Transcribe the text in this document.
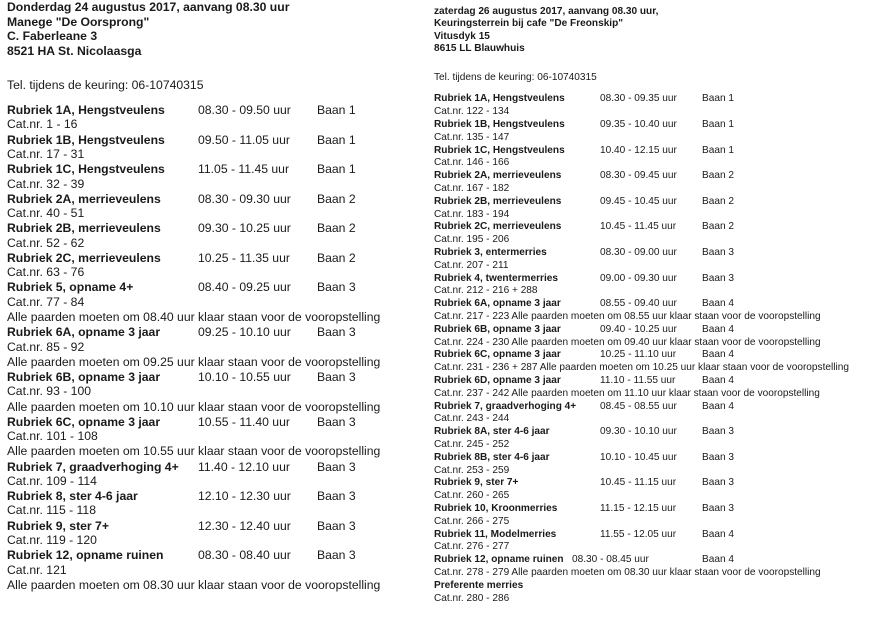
Donderdag 24 augustus 2017, aanvang 08.30 uur
Manege "De Oorsprong"
C. Faberleane 3
8521 HA St. Nicolaasga
Tel. tijdens de keuring: 06-10740315
Rubriek 1A, Hengstveulens	08.30 - 09.50 uur Baan 1
Cat.nr. 1 - 16
Rubriek 1B, Hengstveulens	09.50 - 11.05 uur Baan 1
Cat.nr. 17 - 31
Rubriek 1C, Hengstveulens	11.05 - 11.45 uur Baan 1
Cat.nr. 32 - 39
Rubriek 2A, merrieveulens	08.30 - 09.30 uur Baan 2
Cat.nr. 40 - 51
Rubriek 2B, merrieveulens	09.30 - 10.25 uur Baan 2
Cat.nr. 52 - 62
Rubriek 2C, merrieveulens	10.25 - 11.35 uur Baan 2
Cat.nr. 63 - 76
Rubriek 5, opname 4+	08.40 - 09.25 uur Baan 3
Cat.nr. 77 - 84
Alle paarden moeten om 08.40 uur klaar staan voor de vooropstelling
Rubriek 6A, opname 3 jaar	09.25 - 10.10 uur Baan 3
Cat.nr. 85 - 92
Alle paarden moeten om 09.25 uur klaar staan voor de vooropstelling
Rubriek 6B, opname 3 jaar	10.10 - 10.55 uur Baan 3
Cat.nr. 93 - 100
Alle paarden moeten om 10.10 uur klaar staan voor de vooropstelling
Rubriek 6C, opname 3 jaar	10.55 - 11.40 uur Baan 3
Cat.nr. 101 - 108
Alle paarden moeten om 10.55 uur klaar staan voor de vooropstelling
Rubriek 7, graadverhoging 4+ 11.40 - 12.10 uur Baan 3
Cat.nr. 109 - 114
Rubriek 8, ster 4-6 jaar	12.10 - 12.30 uur Baan 3
Cat.nr. 115 - 118
Rubriek 9, ster 7+	12.30 - 12.40 uur Baan 3
Cat.nr. 119 - 120
Rubriek 12, opname ruinen	08.30 - 08.40 uur Baan 3
Cat.nr. 121
Alle paarden moeten om 08.30 uur klaar staan voor de vooropstelling
zaterdag 26 augustus 2017, aanvang 08.30 uur,
Keuringsterrein bij cafe "De Freonskip"
Vitusdyk 15
8615 LL Blauwhuis
Tel. tijdens de keuring: 06-10740315
Rubriek 1A, Hengstveulens	08.30 - 09.35 uur Baan 1
Cat.nr. 122 - 134
Rubriek 1B, Hengstveulens	09.35 - 10.40 uur Baan 1
Cat.nr. 135 - 147
Rubriek 1C, Hengstveulens	10.40 - 12.15 uur Baan 1
Cat.nr. 146 - 166
Rubriek 2A, merrieveulens	08.30 - 09.45 uur Baan 2
Cat.nr. 167 - 182
Rubriek 2B, merrieveulens	09.45 - 10.45 uur Baan 2
Cat.nr. 183 - 194
Rubriek 2C, merrieveulens	10.45 - 11.45 uur	Baan 2
Cat.nr. 195 - 206
Rubriek 3, entermerries	08.30 - 09.00 uur Baan 3
Cat.nr. 207 - 211
Rubriek 4, twentermerries	09.00 - 09.30 uur Baan 3
Cat.nr. 212 - 216 + 288
Rubriek 6A, opname 3 jaar	08.55 - 09.40 uur Baan 4
Cat.nr. 217 - 223 Alle paarden moeten om 08.55 uur klaar staan voor de vooropstelling
Rubriek 6B, opname 3 jaar	09.40 - 10.25 uur Baan 4
Cat.nr. 224 - 230 Alle paarden moeten om 09.40 uur klaar staan voor de vooropstelling
Rubriek 6C, opname 3 jaar	10.25 - 11.10 uur	Baan 4
Cat.nr. 231 - 236 + 287 Alle paarden moeten om 10.25 uur klaar staan voor de vooropstelling
Rubriek 6D, opname 3 jaar	11.10 - 11.55 uur	Baan 4
Cat.nr. 237 - 242 Alle paarden moeten om 11.10 uur klaar staan voor de vooropstelling
Rubriek 7, graadverhoging 4+ 08.45 - 08.55 uur Baan 4
Cat.nr. 243 - 244
Rubriek 8A, ster 4-6 jaar	09.30 - 10.10 uur Baan 3
Cat.nr. 245 - 252
Rubriek 8B, ster 4-6 jaar	10.10 - 10.45 uur Baan 3
Cat.nr. 253 - 259
Rubriek 9, ster 7+	10.45 - 11.15 uur	Baan 3
Cat.nr. 260 - 265
Rubriek 10, Kroonmerries	11.15 - 12.15 uur	Baan 3
Cat.nr. 266 - 275
Rubriek 11, Modelmerries	11.55 - 12.05 uur	Baan 4
Cat.nr. 276 - 277
Rubriek 12, opname ruinen 08.30 - 08.45 uur	Baan 4
Cat.nr. 278 - 279 Alle paarden moeten om 08.30 uur klaar staan voor de vooropstelling
Preferente merries
Cat.nr. 280 - 286
